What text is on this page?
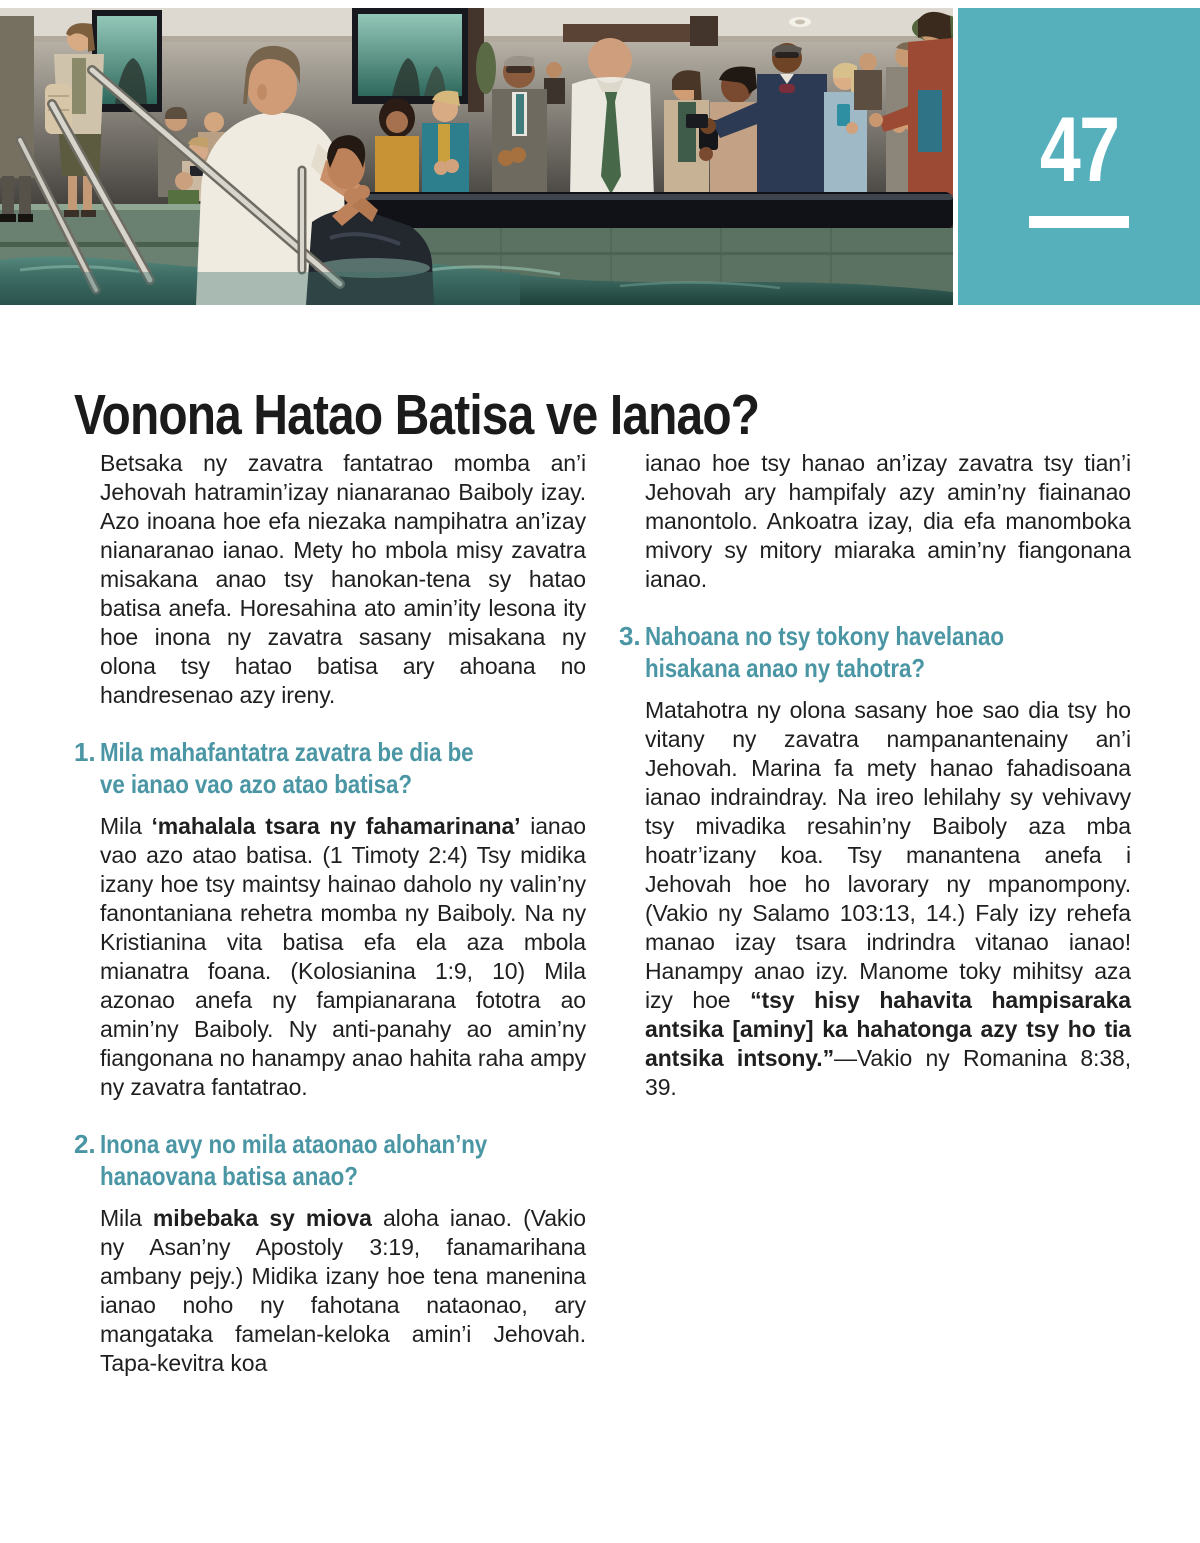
47
Vonona Hatao Batisa ve Ianao?

Betsaka ny zavatra fantatrao momba an’i Jehovah hatramin’izay nianaranao Baiboly izay. Azo inoana hoe efa niezaka nampihatra an’izay nianaranao ianao. Mety ho mbola misy zavatra misakana anao tsy hanokan-tena sy hatao batisa anefa. Horesahina ato amin’ity lesona ity hoe inona ny zavatra sasany misakana ny olona tsy hatao batisa ary ahoana no handresenao azy ireny.

1. Mila mahafantatra zavatra be dia be
ve ianao vao azo atao batisa?

Mila ‘mahalala tsara ny fahamarinana’ ianao vao azo atao batisa. (1 Timoty 2:4) Tsy midika izany hoe tsy maintsy hainao daholo ny valin’ny fanontaniana rehetra momba ny Baiboly. Na ny Kristianina vita batisa efa ela aza mbola mianatra foana. (Kolosianina 1:9, 10) Mila azonao anefa ny fampianarana fototra ao amin’ny Baiboly. Ny anti-panahy ao amin’ny fiangonana no hanampy anao hahita raha ampy ny zavatra fantatrao.

2. Inona avy no mila ataonao alohan’ny
hanaovana batisa anao?

Mila mibebaka sy miova aloha ianao. (Vakio ny Asan’ny Apostoly 3:19, fanamarihana ambany pejy.) Midika izany hoe tena manenina ianao noho ny fahotana nataonao, ary mangataka famelan-keloka amin’i Jehovah. Tapa-kevitra koa

ianao hoe tsy hanao an’izay zavatra tsy tian’i Jehovah ary hampifaly azy amin’ny fiainanao manontolo. Ankoatra izay, dia efa manomboka mivory sy mitory miaraka amin’ny fiangonana ianao.

3. Nahoana no tsy tokony havelanao
hisakana anao ny tahotra?

Matahotra ny olona sasany hoe sao dia tsy ho vitany ny zavatra nampanantenainy an’i Jehovah. Marina fa mety hanao fahadisoana ianao indraindray. Na ireo lehilahy sy vehivavy tsy mivadika resahin’ny Baiboly aza mba hoatr’izany koa. Tsy manantena anefa i Jehovah hoe ho lavorary ny mpanompony. (Vakio ny Salamo 103:13, 14.) Faly izy rehefa manao izay tsara indrindra vitanao ianao! Hanampy anao izy. Manome toky mihitsy aza izy hoe “tsy hisy hahavita hampisaraka antsika [aminy] ka hahatonga azy tsy ho tia antsika intsony.”—Vakio ny Romanina 8:38, 39.
